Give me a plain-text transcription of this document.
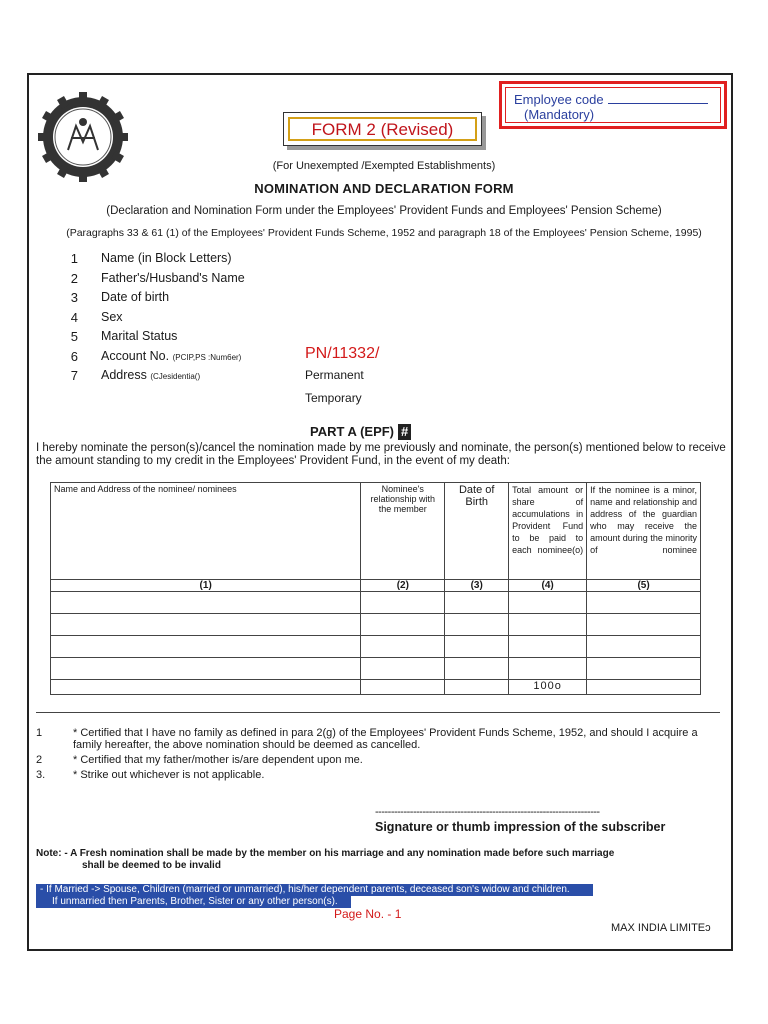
Employee code
(Mandatory)
FORM 2 (Revised)
(For Unexempted /Exempted Establishments)
NOMINATION AND DECLARATION FORM
(Declaration and Nomination Form under the Employees' Provident Funds and Employees' Pension Scheme)
(Paragraphs 33 & 61 (1) of the Employees' Provident Funds Scheme, 1952 and paragraph 18 of the Employees' Pension Scheme, 1995)
1 Name (in Block Letters)
2 Father's/Husband's Name
3 Date of birth
4 Sex
5 Marital Status
6 Account No. (PCIP,PS :Num6er)
7 Address (CJesidentia()
PN/11332/
Permanent
Temporary
PART A (EPF) #
I hereby nominate the person(s)/cancel the nomination made by me previously and nominate, the person(s) mentioned below to receive the amount standing to my credit in the Employees' Provident Fund, in the event of my death:
Name and Address of the nominee/ nominees	Nominee's relationship with the member	Date of Birth	Total amount or share of accumulations in Provident Fund to be paid to each nominee(o)	If the nominee is a minor, name and relationship and address of the guardian who may receive the amount during the minority of nominee
(1)	(2)	(3)	(4)	(5)

			100o	
1	* Certified that I have no family as defined in para 2(g) of the Employees' Provident Funds Scheme, 1952, and should I acquire a family hereafter, the above nomination should be deemed as cancelled.
2	* Certified that my father/mother is/are dependent upon me.
3.	* Strike out whichever is not applicable.
-----------------------------------------------------------------------
Signature or thumb impression of the subscriber
Note: - A Fresh nomination shall be made by the member on his marriage and any nomination made before such marriage
shall be deemed to be invalid
- If Married -> Spouse, Children (married or unmarried), his/her dependent parents, deceased son's widow and children.
If unmarried then Parents, Brother, Sister or any other person(s).
Page No. - 1
MAX INDIA LIMITEɔ
